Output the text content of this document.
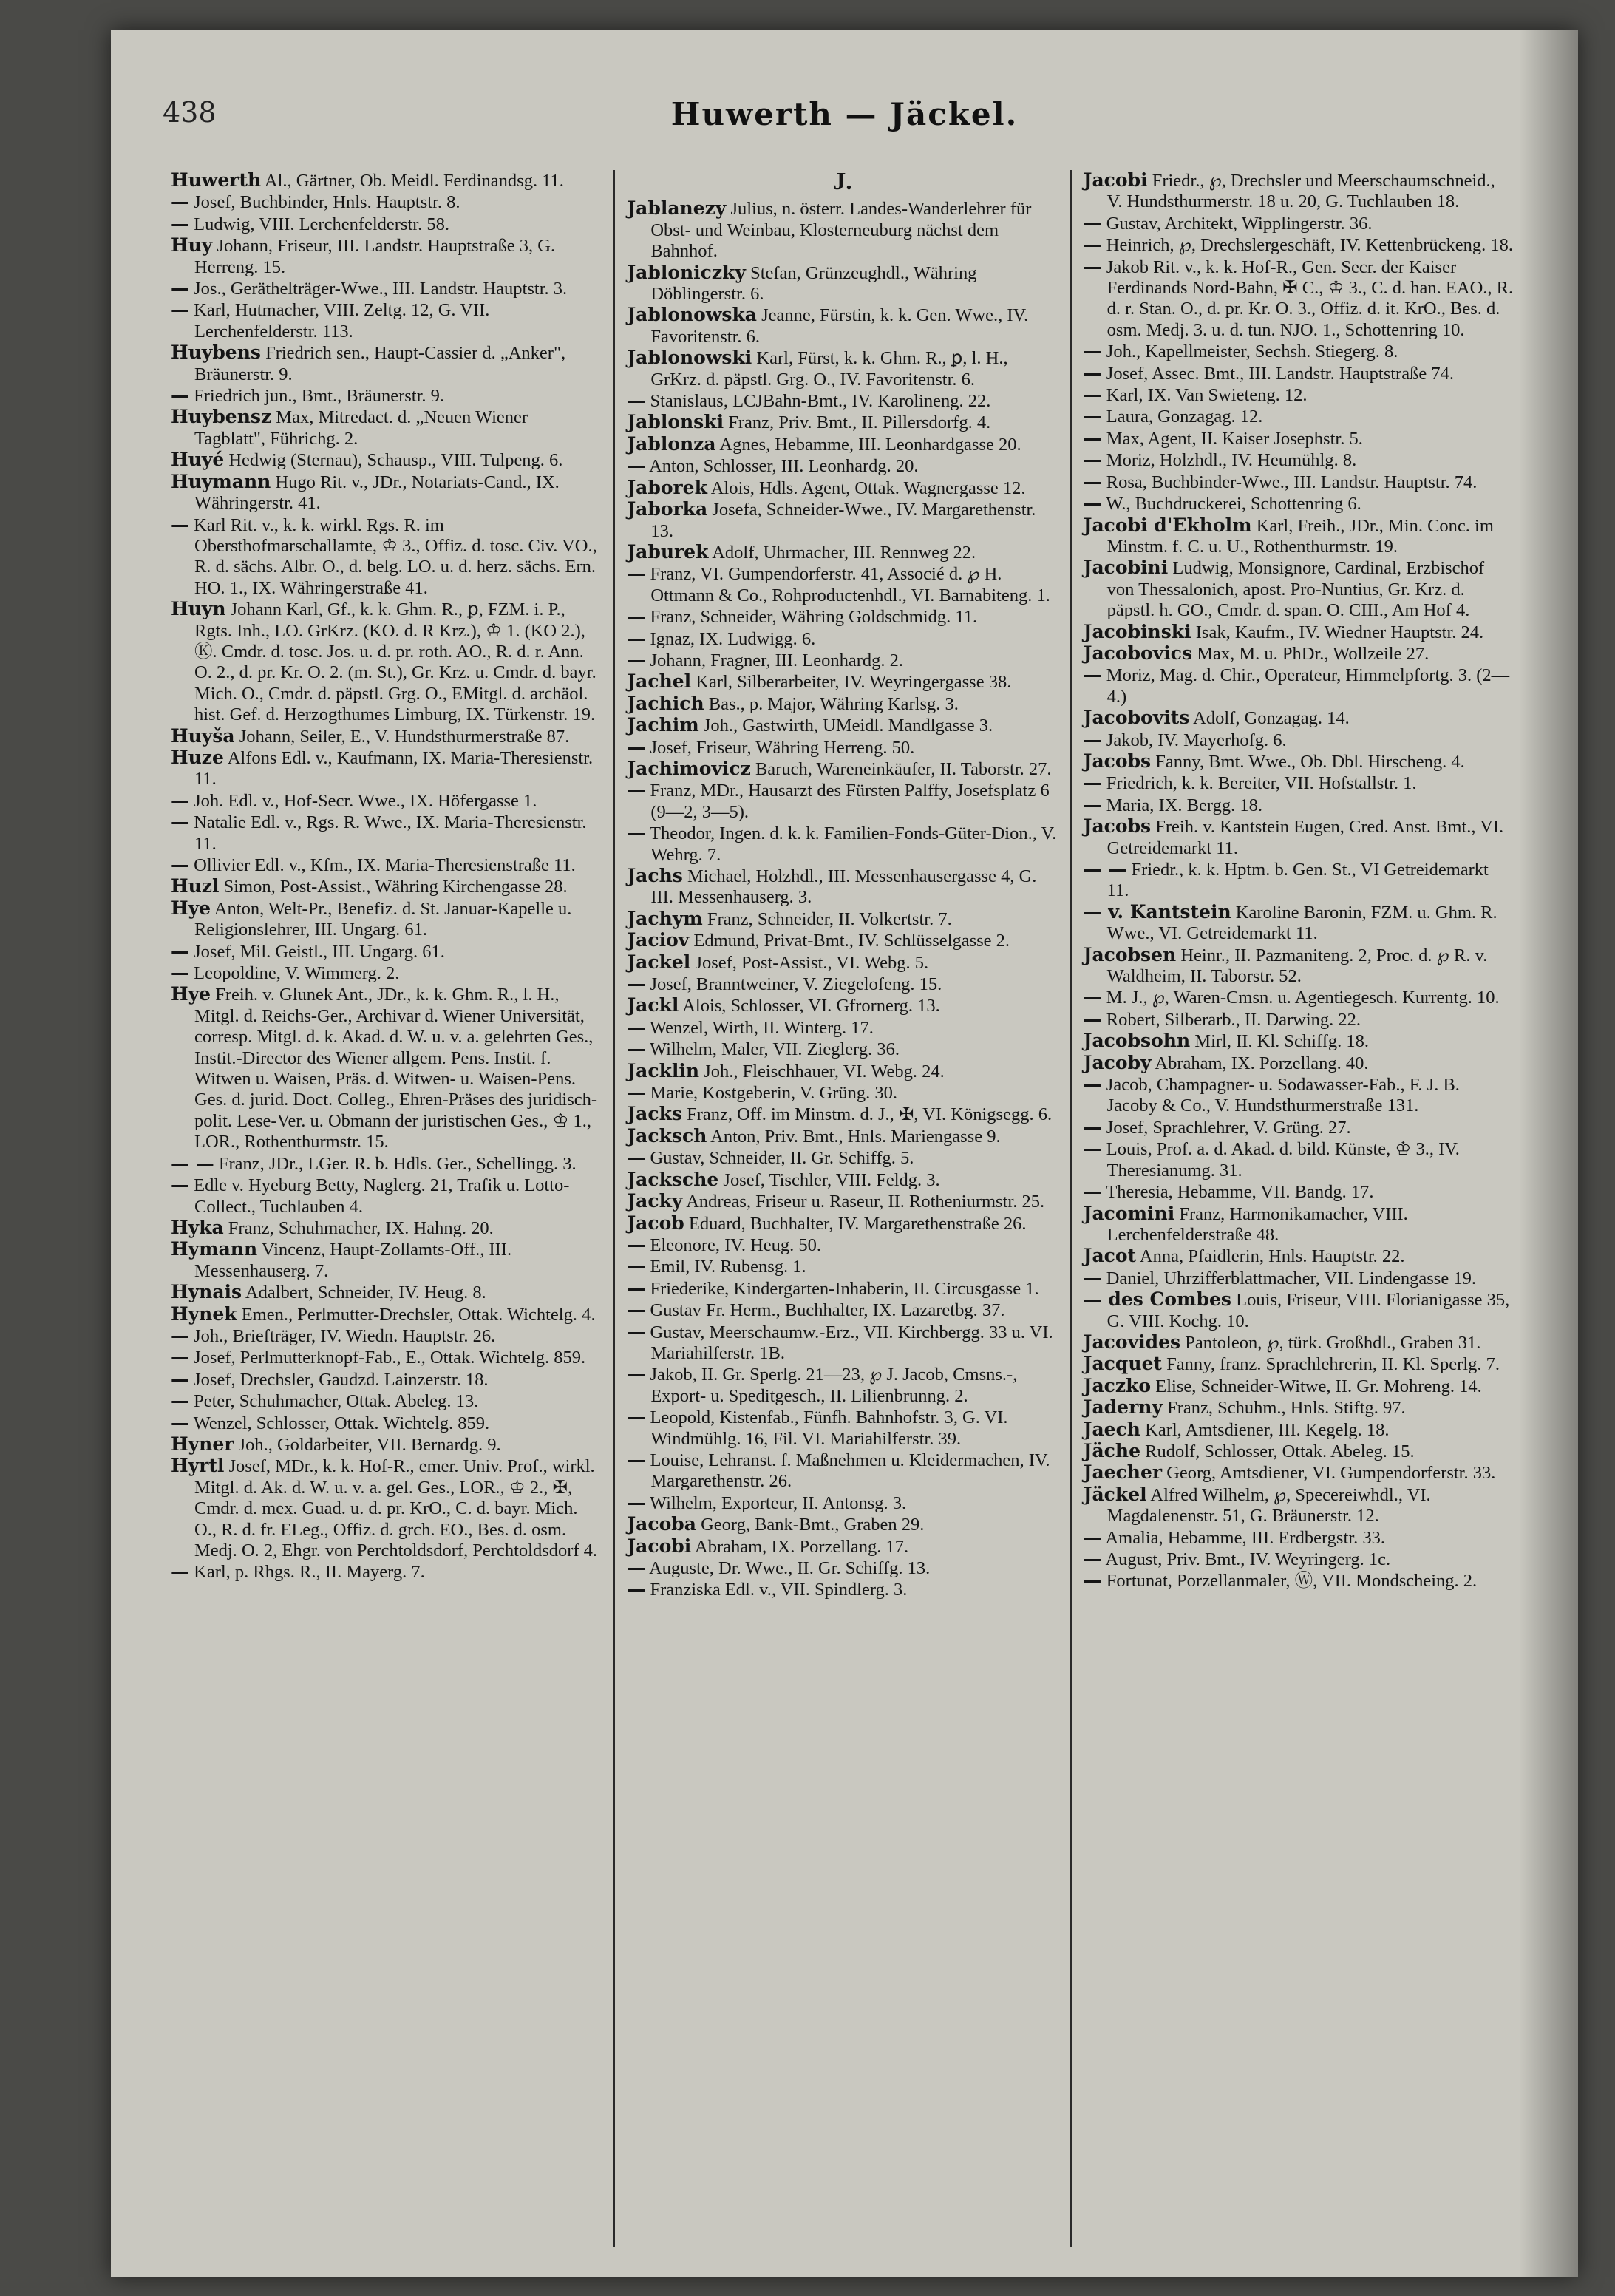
438	Huwerth — Jäckel.

Huwerth Al., Gärtner, Ob. Meidl. Ferdinandsg. 11.

— Josef, Buchbinder, Hnls. Hauptstr. 8.

— Ludwig, VIII. Lerchenfelderstr. 58.

Huy Johann, Friseur, III. Landstr. Hauptstraße 3, G. Herreng. 15.

— Jos., Geräthelträger-Wwe., III. Landstr. Hauptstr. 3.

— Karl, Hutmacher, VIII. Zeltg. 12, G. VII. Lerchenfelderstr. 113.

Huybens Friedrich sen., Haupt-Cassier d. „Anker", Bräunerstr. 9.

— Friedrich jun., Bmt., Bräunerstr. 9.

Huybensz Max, Mitredact. d. „Neuen Wiener Tagblatt", Führichg. 2.

Huyé Hedwig (Sternau), Schausp., VIII. Tulpeng. 6.

Huymann Hugo Rit. v., JDr., Notariats-Cand., IX. Währingerstr. 41.

— Karl Rit. v., k. k. wirkl. Rgs. R. im Obersthofmarschallamte, ♔ 3., Offiz. d. tosc. Civ. VO., R. d. sächs. Albr. O., d. belg. LO. u. d. herz. sächs. Ern. HO. 1., IX. Währingerstraße 41.

Huyn Johann Karl, Gf., k. k. Ghm. R., ꝑ, FZM. i. P., Rgts. Inh., LO. GrKrz. (KO. d. R Krz.), ♔ 1. (KO 2.), Ⓚ. Cmdr. d. tosc. Jos. u. d. pr. roth. AO., R. d. r. Ann. O. 2., d. pr. Kr. O. 2. (m. St.), Gr. Krz. u. Cmdr. d. bayr. Mich. O., Cmdr. d. päpstl. Grg. O., EMitgl. d. archäol. hist. Gef. d. Herzogthumes Limburg, IX. Türkenstr. 19.

Huyša Johann, Seiler, E., V. Hundsthurmerstraße 87.

Huze Alfons Edl. v., Kaufmann, IX. Maria-Theresienstr. 11.

— Joh. Edl. v., Hof-Secr. Wwe., IX. Höfergasse 1.

— Natalie Edl. v., Rgs. R. Wwe., IX. Maria-Theresienstr. 11.

— Ollivier Edl. v., Kfm., IX. Maria-Theresienstraße 11.

Huzl Simon, Post-Assist., Währing Kirchengasse 28.

Hye Anton, Welt-Pr., Benefiz. d. St. Januar-Kapelle u. Religionslehrer, III. Ungarg. 61.

— Josef, Mil. Geistl., III. Ungarg. 61.

— Leopoldine, V. Wimmerg. 2.

Hye Freih. v. Glunek Ant., JDr., k. k. Ghm. R., l. H., Mitgl. d. Reichs-Ger., Archivar d. Wiener Universität, corresp. Mitgl. d. k. Akad. d. W. u. v. a. gelehrten Ges., Instit.-Director des Wiener allgem. Pens. Instit. f. Witwen u. Waisen, Präs. d. Witwen- u. Waisen-Pens. Ges. d. jurid. Doct. Colleg., Ehren-Präses des juridisch-polit. Lese-Ver. u. Obmann der juristischen Ges., ♔ 1., LOR., Rothenthurmstr. 15.

— — Franz, JDr., LGer. R. b. Hdls. Ger., Schellingg. 3.

— Edle v. Hyeburg Betty, Naglerg. 21, Trafik u. Lotto-Collect., Tuchlauben 4.

Hyka Franz, Schuhmacher, IX. Hahng. 20.

Hymann Vincenz, Haupt-Zollamts-Off., III. Messenhauserg. 7.

Hynais Adalbert, Schneider, IV. Heug. 8.

Hynek Emen., Perlmutter-Drechsler, Ottak. Wichtelg. 4.

— Joh., Briefträger, IV. Wiedn. Hauptstr. 26.

— Josef, Perlmutterknopf-Fab., E., Ottak. Wichtelg. 859.

— Josef, Drechsler, Gaudzd. Lainzerstr. 18.

— Peter, Schuhmacher, Ottak. Abeleg. 13.

— Wenzel, Schlosser, Ottak. Wichtelg. 859.

Hyner Joh., Goldarbeiter, VII. Bernardg. 9.

Hyrtl Josef, MDr., k. k. Hof-R., emer. Univ. Prof., wirkl. Mitgl. d. Ak. d. W. u. v. a. gel. Ges., LOR., ♔ 2., ✠, Cmdr. d. mex. Guad. u. d. pr. KrO., C. d. bayr. Mich. O., R. d. fr. ELeg., Offiz. d. grch. EO., Bes. d. osm. Medj. O. 2, Ehgr. von Perchtoldsdorf, Perchtoldsdorf 4.

— Karl, p. Rhgs. R., II. Mayerg. 7.

J.

Jablanezy Julius, n. österr. Landes-Wanderlehrer für Obst- und Weinbau, Klosterneuburg nächst dem Bahnhof.

Jabloniczky Stefan, Grünzeughdl., Währing Döblingerstr. 6.

Jablonowska Jeanne, Fürstin, k. k. Gen. Wwe., IV. Favoritenstr. 6.

Jablonowski Karl, Fürst, k. k. Ghm. R., ꝑ, l. H., GrKrz. d. päpstl. Grg. O., IV. Favoritenstr. 6.

— Stanislaus, LCJBahn-Bmt., IV. Karolineng. 22.

Jablonski Franz, Priv. Bmt., II. Pillersdorfg. 4.

Jablonza Agnes, Hebamme, III. Leonhardgasse 20.

— Anton, Schlosser, III. Leonhardg. 20.

Jaborek Alois, Hdls. Agent, Ottak. Wagnergasse 12.

Jaborka Josefa, Schneider-Wwe., IV. Margarethenstr. 13.

Jaburek Adolf, Uhrmacher, III. Rennweg 22.

— Franz, VI. Gumpendorferstr. 41, Associé d. ℘ H. Ottmann & Co., Rohproductenhdl., VI. Barnabiteng. 1.

— Franz, Schneider, Währing Goldschmidg. 11.

— Ignaz, IX. Ludwigg. 6.

— Johann, Fragner, III. Leonhardg. 2.

Jachel Karl, Silberarbeiter, IV. Weyringergasse 38.

Jachich Bas., p. Major, Währing Karlsg. 3.

Jachim Joh., Gastwirth, UMeidl. Mandlgasse 3.

— Josef, Friseur, Währing Herreng. 50.

Jachimovicz Baruch, Wareneinkäufer, II. Taborstr. 27.

— Franz, MDr., Hausarzt des Fürsten Palffy, Josefsplatz 6 (9—2, 3—5).

— Theodor, Ingen. d. k. k. Familien-Fonds-Güter-Dion., V. Wehrg. 7.

Jachs Michael, Holzhdl., III. Messenhausergasse 4, G. III. Messenhauserg. 3.

Jachym Franz, Schneider, II. Volkertstr. 7.

Jaciov Edmund, Privat-Bmt., IV. Schlüsselgasse 2.

Jackel Josef, Post-Assist., VI. Webg. 5.

— Josef, Branntweiner, V. Ziegelofeng. 15.

Jackl Alois, Schlosser, VI. Gfrornerg. 13.

— Wenzel, Wirth, II. Winterg. 17.

— Wilhelm, Maler, VII. Zieglerg. 36.

Jacklin Joh., Fleischhauer, VI. Webg. 24.

— Marie, Kostgeberin, V. Grüng. 30.

Jacks Franz, Off. im Minstm. d. J., ✠, VI. Königsegg. 6.

Jacksch Anton, Priv. Bmt., Hnls. Mariengasse 9.

— Gustav, Schneider, II. Gr. Schiffg. 5.

Jacksche Josef, Tischler, VIII. Feldg. 3.

Jacky Andreas, Friseur u. Raseur, II. Rotheniurmstr. 25.

Jacob Eduard, Buchhalter, IV. Margarethenstraße 26.

— Eleonore, IV. Heug. 50.

— Emil, IV. Rubensg. 1.

— Friederike, Kindergarten-Inhaberin, II. Circusgasse 1.

— Gustav Fr. Herm., Buchhalter, IX. Lazaretbg. 37.

— Gustav, Meerschaumw.-Erz., VII. Kirchbergg. 33 u. VI. Mariahilferstr. 1B.

— Jakob, II. Gr. Sperlg. 21—23, ℘ J. Jacob, Cmsns.-, Export- u. Speditgesch., II. Lilienbrunng. 2.

— Leopold, Kistenfab., Fünfh. Bahnhofstr. 3, G. VI. Windmühlg. 16, Fil. VI. Mariahilferstr. 39.

— Louise, Lehranst. f. Maßnehmen u. Kleidermachen, IV. Margarethenstr. 26.

— Wilhelm, Exporteur, II. Antonsg. 3.

Jacoba Georg, Bank-Bmt., Graben 29.

Jacobi Abraham, IX. Porzellang. 17.

— Auguste, Dr. Wwe., II. Gr. Schiffg. 13.

— Franziska Edl. v., VII. Spindlerg. 3.

Jacobi Friedr., ℘, Drechsler und Meerschaumschneid., V. Hundsthurmerstr. 18 u. 20, G. Tuchlauben 18.

— Gustav, Architekt, Wipplingerstr. 36.

— Heinrich, ℘, Drechslergeschäft, IV. Kettenbrückeng. 18.

— Jakob Rit. v., k. k. Hof-R., Gen. Secr. der Kaiser Ferdinands Nord-Bahn, ✠ C., ♔ 3., C. d. han. EAO., R. d. r. Stan. O., d. pr. Kr. O. 3., Offiz. d. it. KrO., Bes. d. osm. Medj. 3. u. d. tun. NJO. 1., Schottenring 10.

— Joh., Kapellmeister, Sechsh. Stiegerg. 8.

— Josef, Assec. Bmt., III. Landstr. Hauptstraße 74.

— Karl, IX. Van Swieteng. 12.

— Laura, Gonzagag. 12.

— Max, Agent, II. Kaiser Josephstr. 5.

— Moriz, Holzhdl., IV. Heumühlg. 8.

— Rosa, Buchbinder-Wwe., III. Landstr. Hauptstr. 74.

— W., Buchdruckerei, Schottenring 6.

Jacobi d'Ekholm Karl, Freih., JDr., Min. Conc. im Minstm. f. C. u. U., Rothenthurmstr. 19.

Jacobini Ludwig, Monsignore, Cardinal, Erzbischof von Thessalonich, apost. Pro-Nuntius, Gr. Krz. d. päpstl. h. GO., Cmdr. d. span. O. CIII., Am Hof 4.

Jacobinski Isak, Kaufm., IV. Wiedner Hauptstr. 24.

Jacobovics Max, M. u. PhDr., Wollzeile 27.

— Moriz, Mag. d. Chir., Operateur, Himmelpfortg. 3. (2—4.)

Jacobovits Adolf, Gonzagag. 14.

— Jakob, IV. Mayerhofg. 6.

Jacobs Fanny, Bmt. Wwe., Ob. Dbl. Hirscheng. 4.

— Friedrich, k. k. Bereiter, VII. Hofstallstr. 1.

— Maria, IX. Bergg. 18.

Jacobs Freih. v. Kantstein Eugen, Cred. Anst. Bmt., VI. Getreidemarkt 11.

— — Friedr., k. k. Hptm. b. Gen. St., VI Getreidemarkt 11.

— v. Kantstein Karoline Baronin, FZM. u. Ghm. R. Wwe., VI. Getreidemarkt 11.

Jacobsen Heinr., II. Pazmaniteng. 2, Proc. d. ℘ R. v. Waldheim, II. Taborstr. 52.

— M. J., ℘, Waren-Cmsn. u. Agentiegesch. Kurrentg. 10.

— Robert, Silberarb., II. Darwing. 22.

Jacobsohn Mirl, II. Kl. Schiffg. 18.

Jacoby Abraham, IX. Porzellang. 40.

— Jacob, Champagner- u. Sodawasser-Fab., F. J. B. Jacoby & Co., V. Hundsthurmerstraße 131.

— Josef, Sprachlehrer, V. Grüng. 27.

— Louis, Prof. a. d. Akad. d. bild. Künste, ♔ 3., IV. Theresianumg. 31.

— Theresia, Hebamme, VII. Bandg. 17.

Jacomini Franz, Harmonikamacher, VIII. Lerchenfelderstraße 48.

Jacot Anna, Pfaidlerin, Hnls. Hauptstr. 22.

— Daniel, Uhrzifferblattmacher, VII. Lindengasse 19.

— des Combes Louis, Friseur, VIII. Florianigasse 35, G. VIII. Kochg. 10.

Jacovides Pantoleon, ℘, türk. Großhdl., Graben 31.

Jacquet Fanny, franz. Sprachlehrerin, II. Kl. Sperlg. 7.

Jaczko Elise, Schneider-Witwe, II. Gr. Mohreng. 14.

Jaderny Franz, Schuhm., Hnls. Stiftg. 97.

Jaech Karl, Amtsdiener, III. Kegelg. 18.

Jäche Rudolf, Schlosser, Ottak. Abeleg. 15.

Jaecher Georg, Amtsdiener, VI. Gumpendorferstr. 33.

Jäckel Alfred Wilhelm, ℘, Specereiwhdl., VI. Magdalenenstr. 51, G. Bräunerstr. 12.

— Amalia, Hebamme, III. Erdbergstr. 33.

— August, Priv. Bmt., IV. Weyringerg. 1c.

— Fortunat, Porzellanmaler, Ⓦ, VII. Mondscheing. 2.
